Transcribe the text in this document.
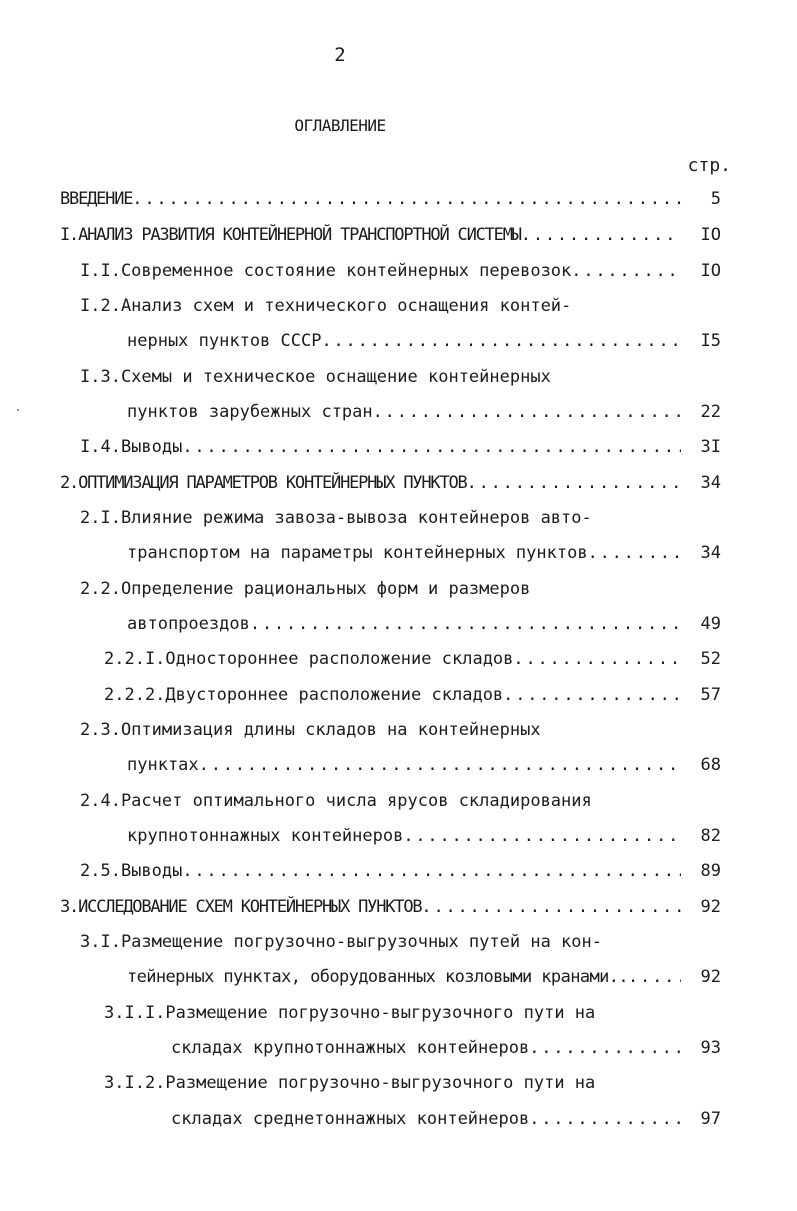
2
ОГЛАВЛЕНИЕ
стр.
ВВЕДЕНИЕ .....	5
I.АНАЛИЗ РАЗВИТИЯ КОНТЕЙНЕРНОЙ ТРАНСПОРТНОЙ СИСТЕМЫ .....	IO
I.I.Современное состояние контейнерных перевозок .....	IO
I.2.Анализ схем и технического оснащения контей-
нерных пунктов СССР .....	I5
I.3.Схемы и техническое оснащение контейнерных
пунктов зарубежных стран .....	22
I.4.Выводы .....	3I
2.ОПТИМИЗАЦИЯ ПАРАМЕТРОВ КОНТЕЙНЕРНЫХ ПУНКТОВ .....	34
2.I.Влияние режима завоза-вывоза контейнеров авто-
транспортом на параметры контейнерных пунктов .....	34
2.2.Определение рациональных форм и размеров
автопроездов .....	49
2.2.I.Одностороннее расположение складов .....	52
2.2.2.Двустороннее расположение складов .....	57
2.3.Оптимизация длины складов на контейнерных
пунктах .....	68
2.4.Расчет оптимального числа ярусов складирования
крупнотоннажных контейнеров .....	82
2.5.Выводы .....	89
3.ИССЛЕДОВАНИЕ СХЕМ КОНТЕЙНЕРНЫХ ПУНКТОВ .....	92
3.I.Размещение погрузочно-выгрузочных путей на кон-
тейнерных пунктах, оборудованных козловыми кранами.. .....	92
3.I.I.Размещение погрузочно-выгрузочного пути на
складах крупнотоннажных контейнеров .....	93
3.I.2.Размещение погрузочно-выгрузочного пути на
складах среднетоннажных контейнеров .....	97
